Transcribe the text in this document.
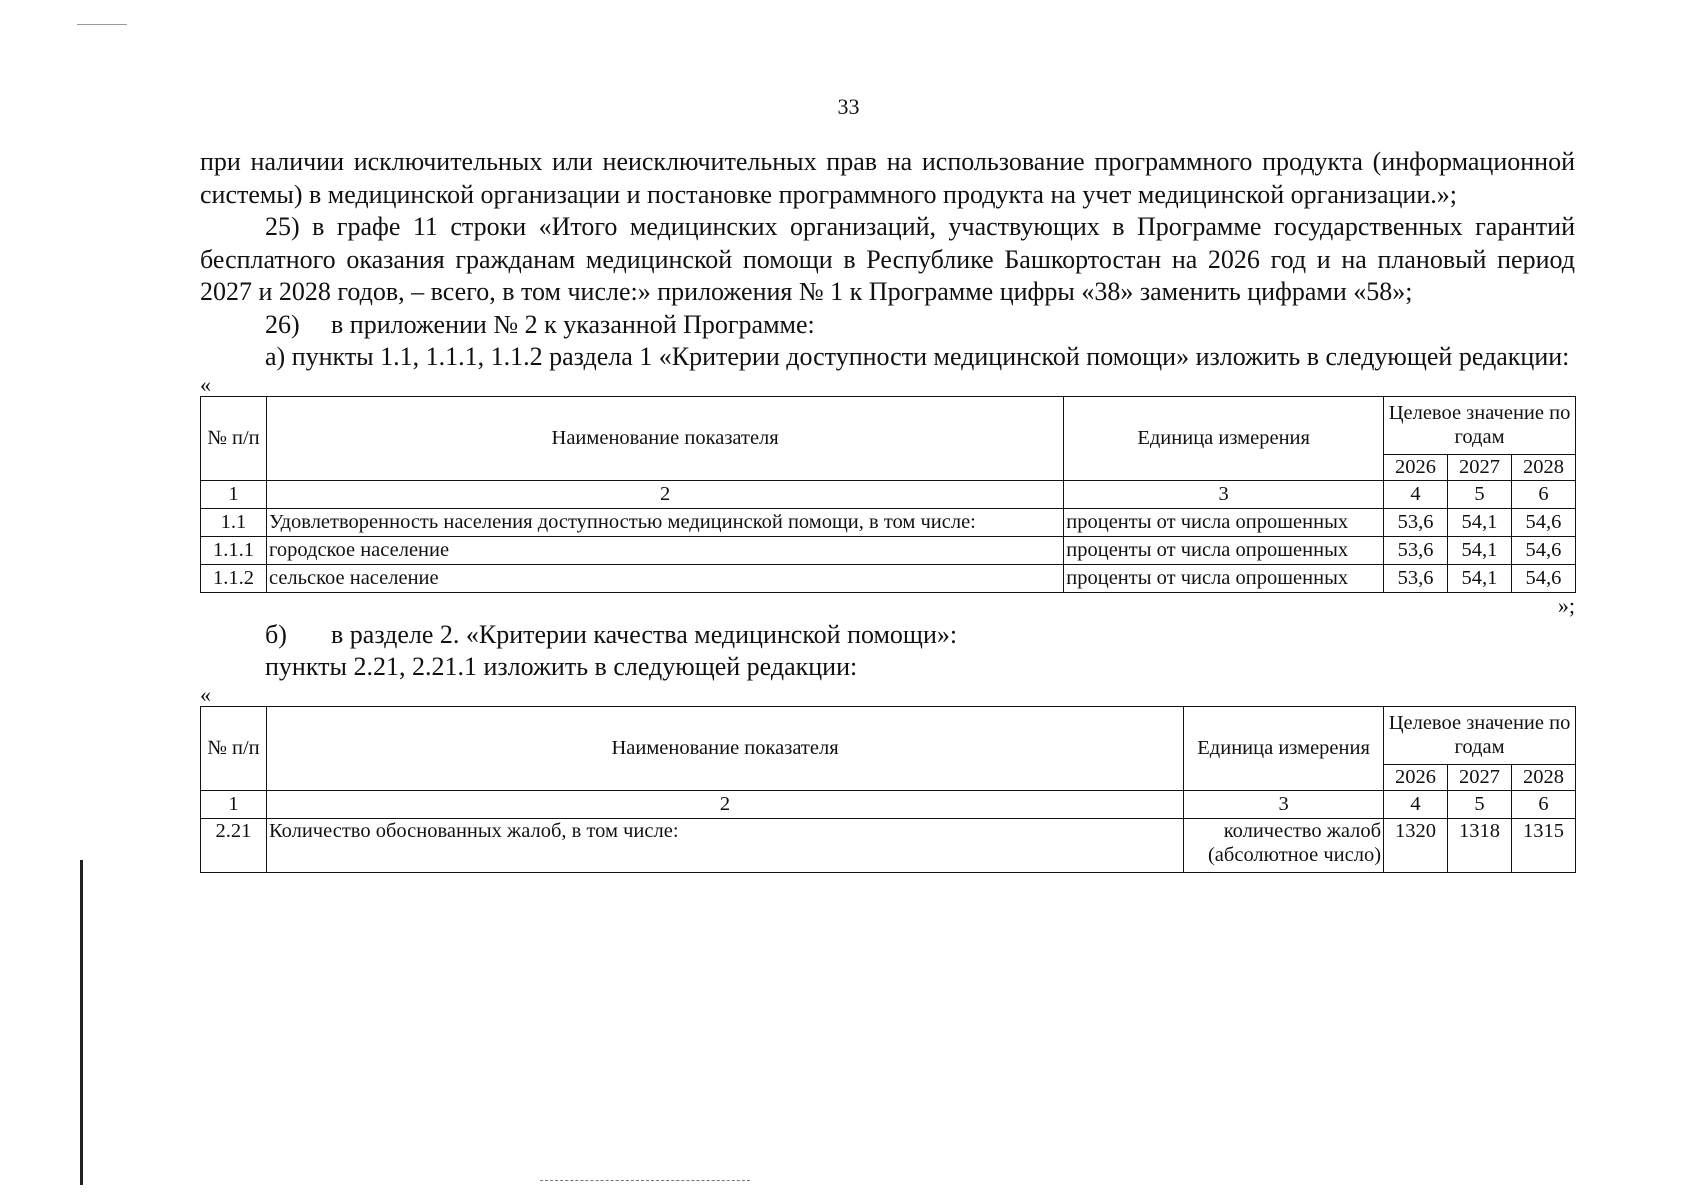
33

при наличии исключительных или неисключительных прав на использование программного продукта (информационной системы) в медицинской организации и постановке программного продукта на учет медицинской организации.»;

25) в графе 11 строки «Итого медицинских организаций, участвующих в Программе государственных гарантий бесплатного оказания гражданам медицинской помощи в Республике Башкортостан на 2026 год и на плановый период 2027 и 2028 годов, – всего, в том числе:» приложения № 1 к Программе цифры «38» заменить цифрами «58»;

26) в приложении № 2 к указанной Программе:

а) пункты 1.1, 1.1.1, 1.1.2 раздела 1 «Критерии доступности медицинской помощи» изложить в следующей редакции:

«

№ п/п	Наименование показателя	Единица измерения	Целевое значение по годам		
			2026	2027	2028
1	2	3	4	5	6
1.1	Удовлетворенность населения доступностью медицинской помощи, в том числе:	проценты от числа опрошенных	53,6	54,1	54,6
1.1.1	городское население	проценты от числа опрошенных	53,6	54,1	54,6
1.1.2	сельское население	проценты от числа опрошенных	53,6	54,1	54,6

»;

б) в разделе 2. «Критерии качества медицинской помощи»:

пункты 2.21, 2.21.1 изложить в следующей редакции:

«

№ п/п	Наименование показателя	Единица измерения	Целевое значение по годам		
			2026	2027	2028
1	2	3	4	5	6
2.21	Количество обоснованных жалоб, в том числе:	количество жалоб (абсолютное число)	1320	1318	1315
